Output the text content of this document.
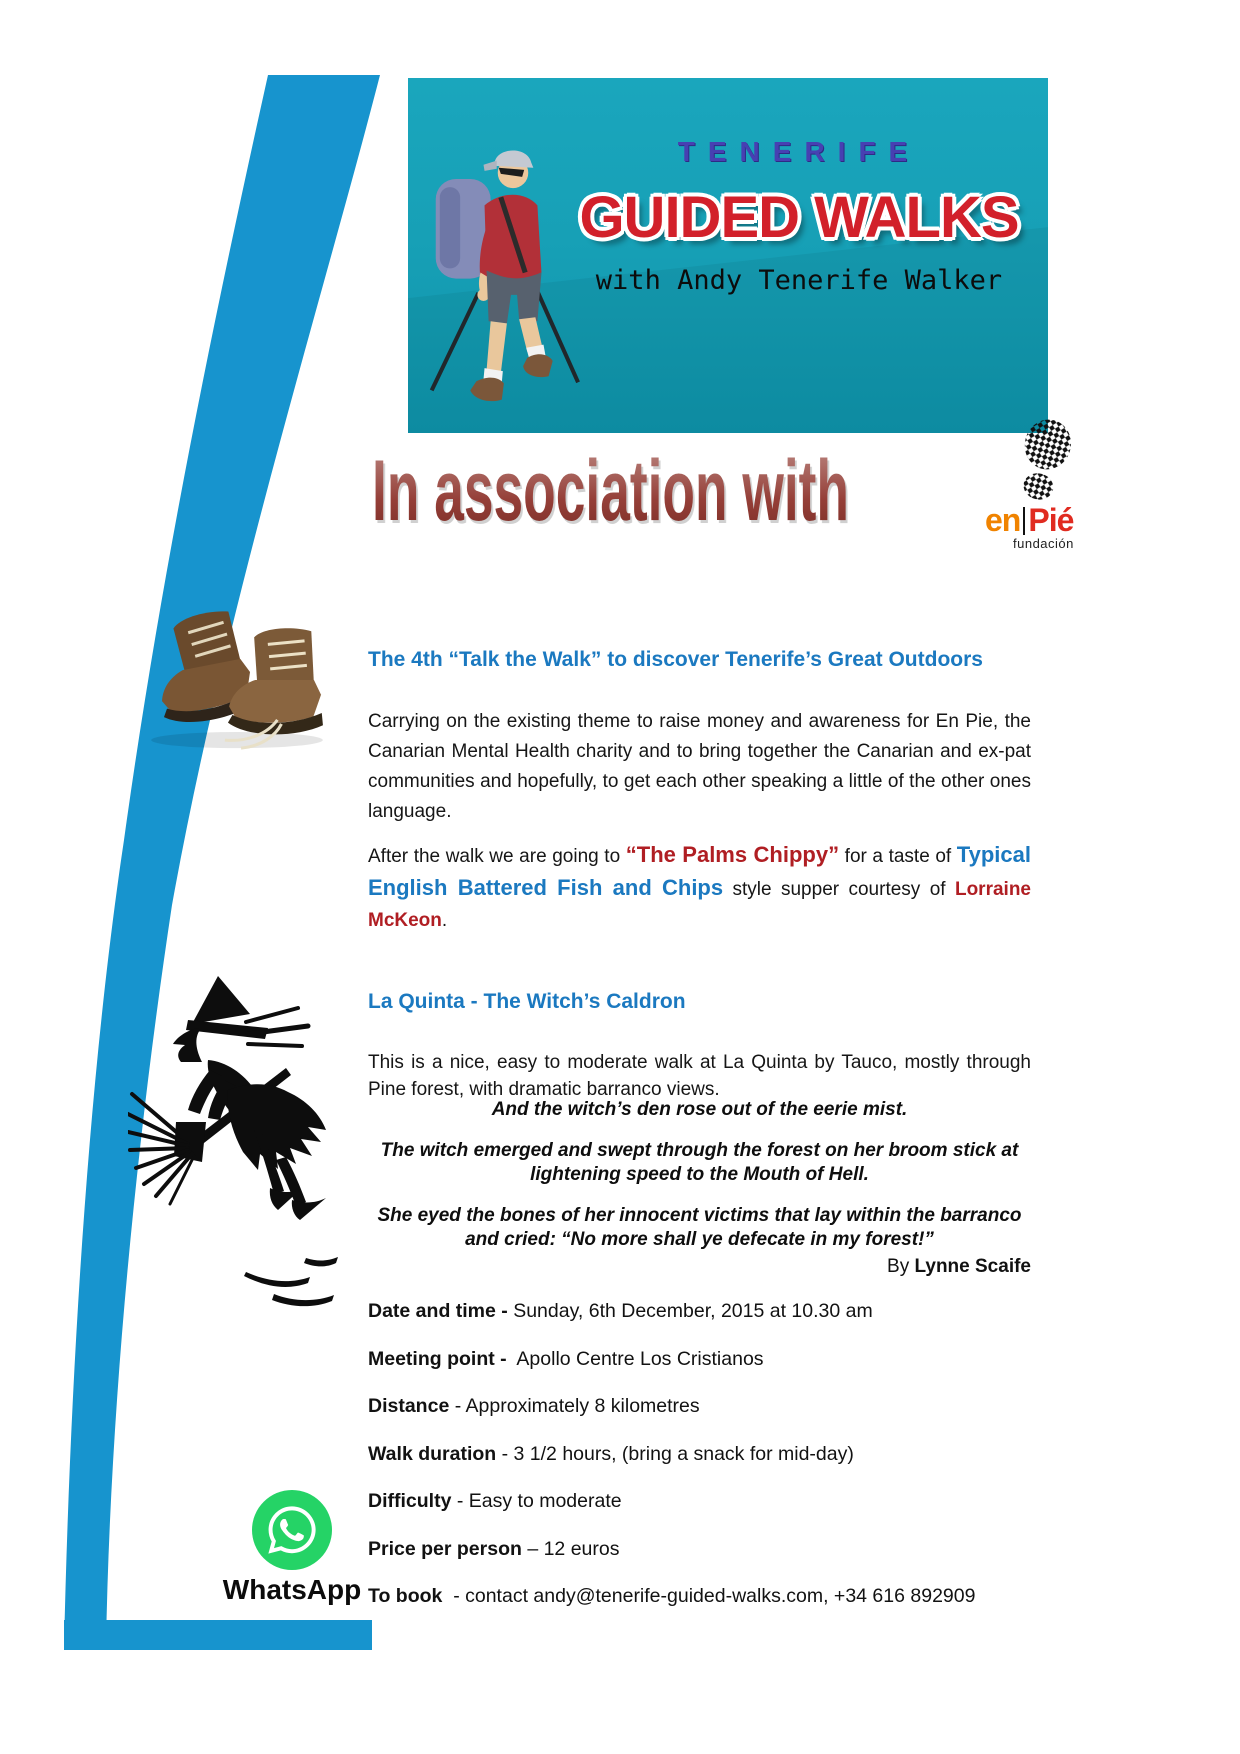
TENERIFE
GUIDED WALKS
with Andy Tenerife Walker
In association with	en Pié
fundación
The 4th “Talk the Walk” to discover Tenerife’s Great Outdoors

Carrying on the existing theme to raise money and awareness for En Pie, the Canarian Mental Health charity and to bring together the Canarian and ex-pat communities and hopefully, to get each other speaking a little of the other ones language.

After the walk we are going to “The Palms Chippy” for a taste of Typical English Battered Fish and Chips style supper courtesy of Lorraine McKeon.

La Quinta - The Witch’s Caldron

This is a nice, easy to moderate walk at La Quinta by Tauco, mostly through Pine forest, with dramatic barranco views.

And the witch’s den rose out of the eerie mist.
The witch emerged and swept through the forest on her broom stick at lightening speed to the Mouth of Hell.
She eyed the bones of her innocent victims that lay within the barranco and cried: “No more shall ye defecate in my forest!”
By Lynne Scaife
Date and time - Sunday, 6th December, 2015 at 10.30 am
Meeting point -  Apollo Centre Los Cristianos
Distance - Approximately 8 kilometres
Walk duration - 3 1/2 hours, (bring a snack for mid-day)
Difficulty - Easy to moderate
Price per person – 12 euros
To book  - contact andy@tenerife-guided-walks.com, +34 616 892909
WhatsApp
